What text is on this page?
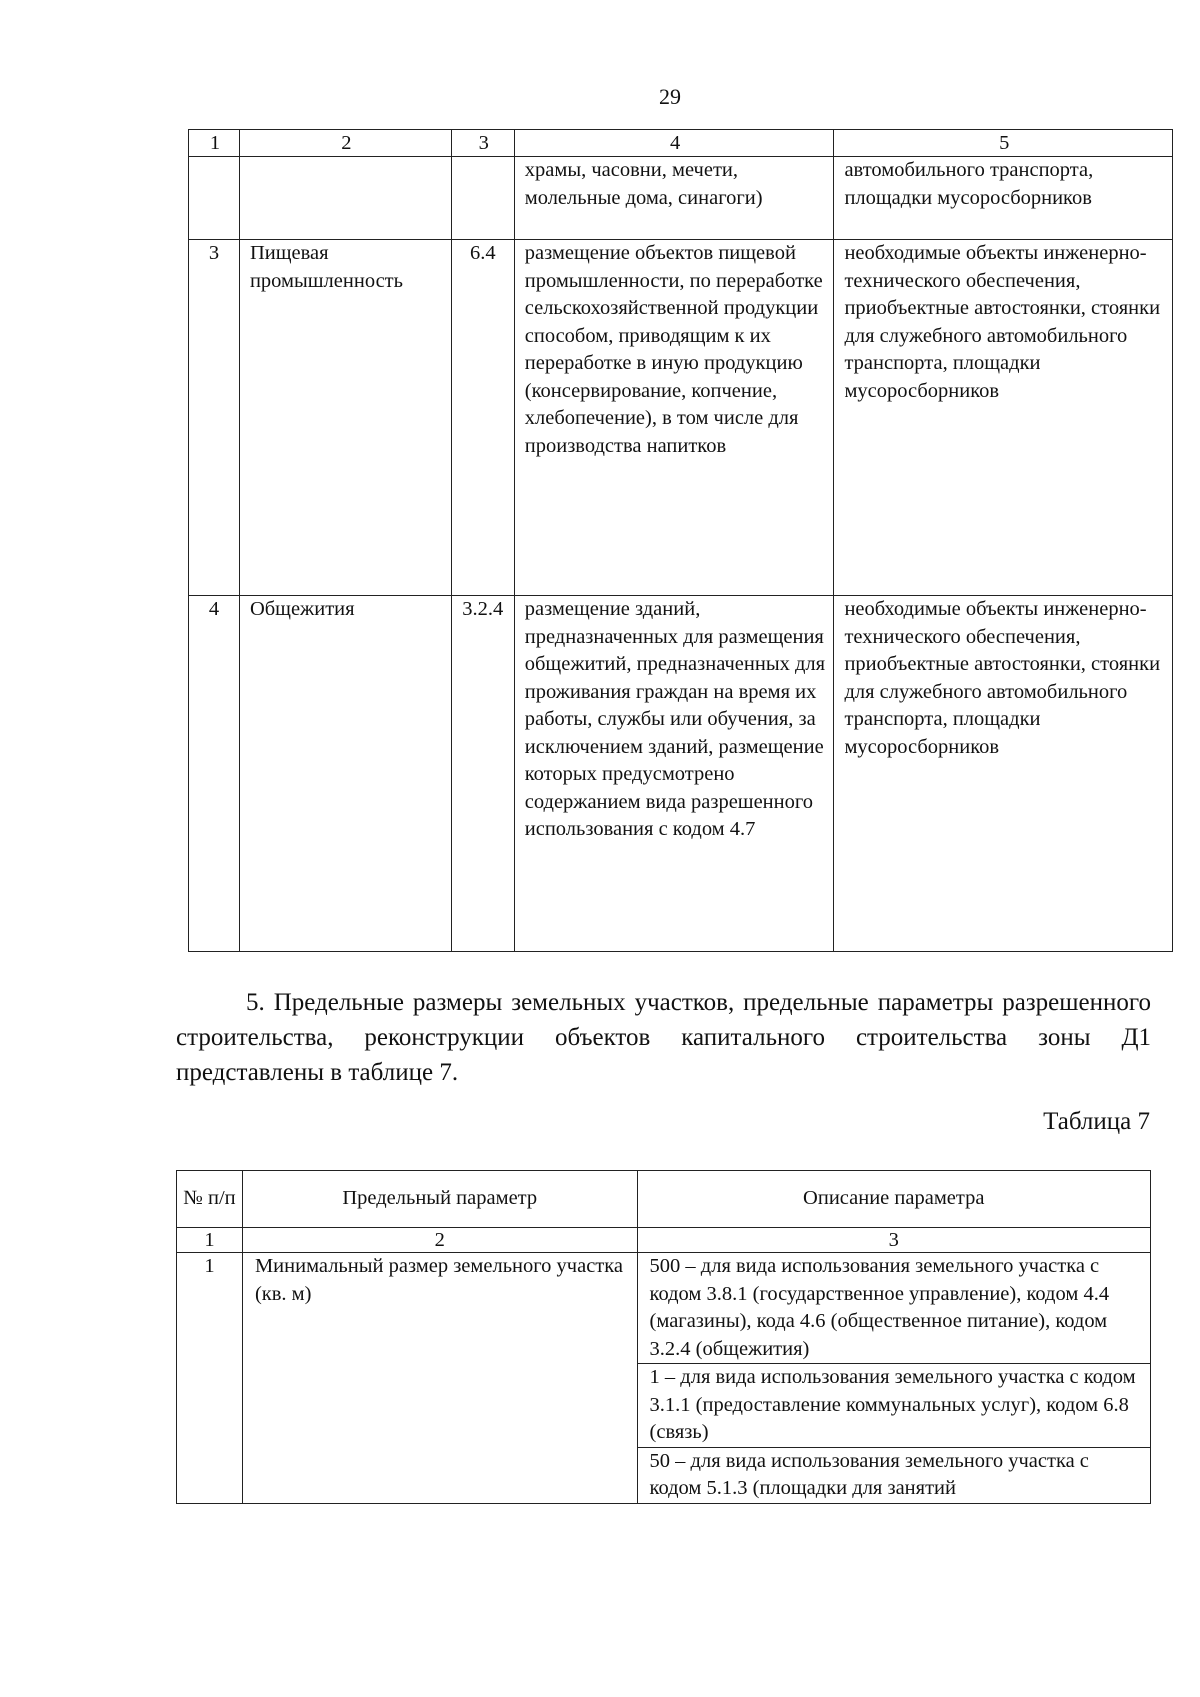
29
1	2	3	4	5
			храмы, часовни, мечети, молельные дома, синагоги)	автомобильного транспорта, площадки мусоросборников
3	Пищевая промышленность	6.4	размещение объектов пищевой промышленности, по переработке сельскохозяйственной продукции способом, приводящим к их переработке в иную продукцию (консервирование, копчение, хлебопечение), в том числе для производства напитков	необходимые объекты инженерно-технического обеспечения, приобъектные автостоянки, стоянки для служебного автомобильного транспорта, площадки мусоросборников
4	Общежития	3.2.4	размещение зданий, предназначенных для размещения общежитий, предназначенных для проживания граждан на время их работы, службы или обучения, за исключением зданий, размещение которых предусмотрено содержанием вида разрешенного использования с кодом 4.7	необходимые объекты инженерно-технического обеспечения, приобъектные автостоянки, стоянки для служебного автомобильного транспорта, площадки мусоросборников
5. Предельные размеры земельных участков, предельные параметры разрешенного строительства, реконструкции объектов капитального строительства зоны Д1 представлены в таблице 7.
Таблица 7
№ п/п	Предельный параметр	Описание параметра
1	2	3
1	Минимальный размер земельного участка (кв. м)	500 – для вида использования земельного участка с кодом 3.8.1 (государственное управление), кодом 4.4 (магазины), кода 4.6 (общественное питание), кодом 3.2.4 (общежития)
		1 – для вида использования земельного участка с кодом 3.1.1 (предоставление коммунальных услуг), кодом 6.8 (связь)
		50 – для вида использования земельного участка с кодом 5.1.3 (площадки для занятий
